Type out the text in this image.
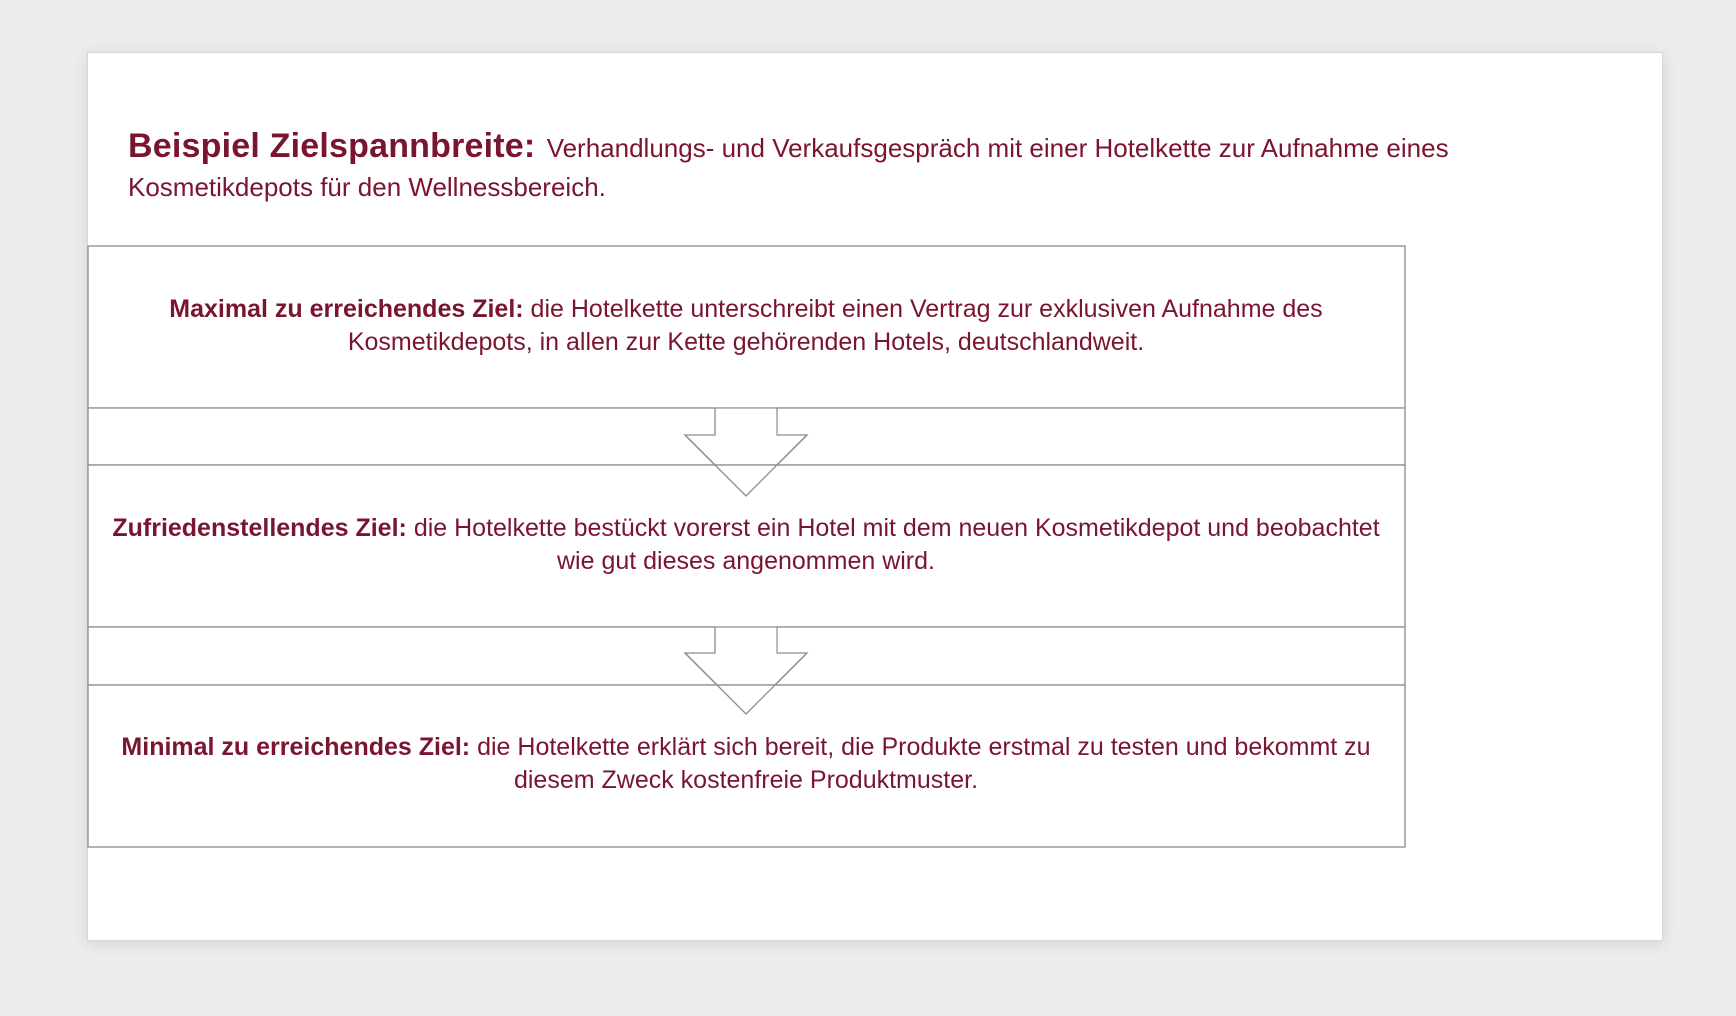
Beispiel Zielspannbreite: Verhandlungs- und Verkaufsgespräch mit einer Hotelkette zur Aufnahme eines Kosmetikdepots für den Wellnessbereich.

Maximal zu erreichendes Ziel: die Hotelkette unterschreibt einen Vertrag zur exklusiven Aufnahme des Kosmetikdepots, in allen zur Kette gehörenden Hotels, deutschlandweit.

Zufriedenstellendes Ziel: die Hotelkette bestückt vorerst ein Hotel mit dem neuen Kosmetikdepot und beobachtet wie gut dieses angenommen wird.

Minimal zu erreichendes Ziel: die Hotelkette erklärt sich bereit, die Produkte erstmal zu testen und bekommt zu diesem Zweck kostenfreie Produktmuster.
